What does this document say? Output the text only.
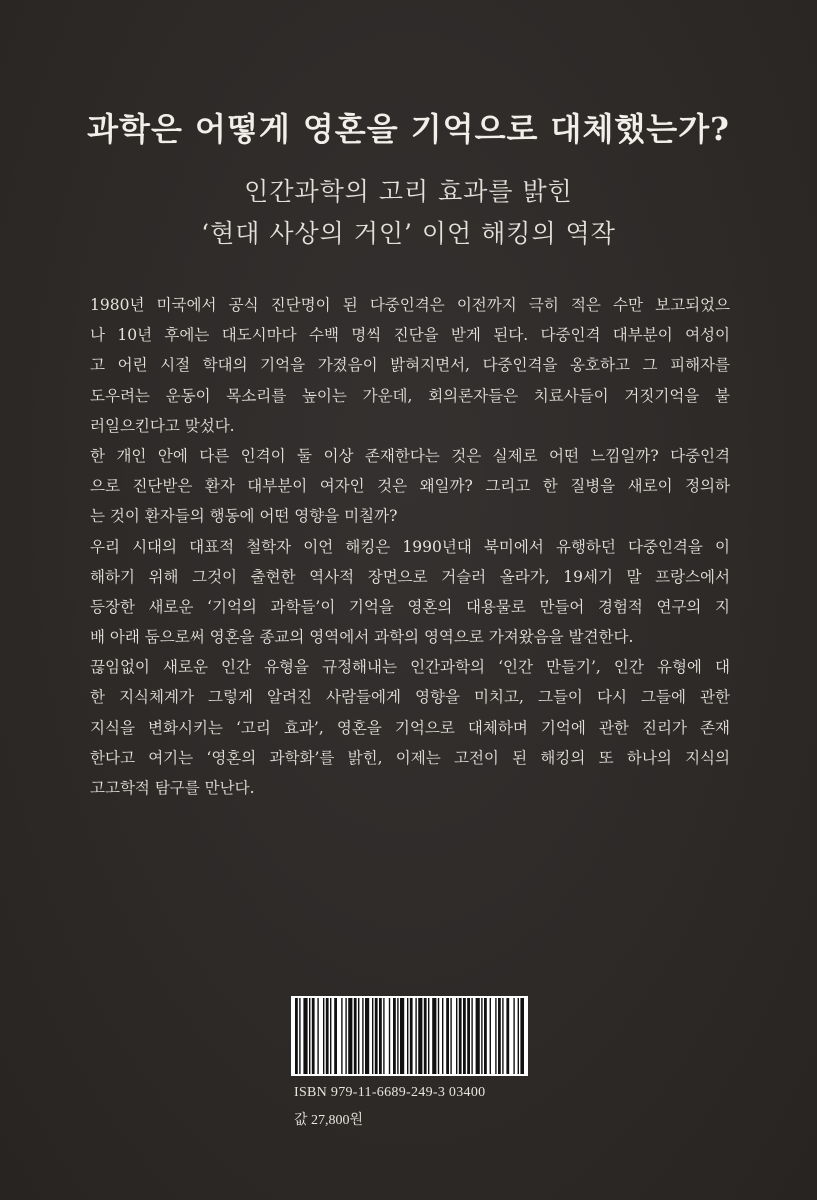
과학은 어떻게 영혼을 기억으로 대체했는가?
인간과학의 고리 효과를 밝힌
‘현대 사상의 거인’ 이언 해킹의 역작
1980년 미국에서 공식 진단명이 된 다중인격은 이전까지 극히 적은 수만 보고되었으
나 10년 후에는 대도시마다 수백 명씩 진단을 받게 된다. 다중인격 대부분이 여성이
고 어린 시절 학대의 기억을 가졌음이 밝혀지면서, 다중인격을 옹호하고 그 피해자를
도우려는 운동이 목소리를 높이는 가운데, 회의론자들은 치료사들이 거짓기억을 불
러일으킨다고 맞섰다.
한 개인 안에 다른 인격이 둘 이상 존재한다는 것은 실제로 어떤 느낌일까? 다중인격
으로 진단받은 환자 대부분이 여자인 것은 왜일까? 그리고 한 질병을 새로이 정의하
는 것이 환자들의 행동에 어떤 영향을 미칠까?
우리 시대의 대표적 철학자 이언 해킹은 1990년대 북미에서 유행하던 다중인격을 이
해하기 위해 그것이 출현한 역사적 장면으로 거슬러 올라가, 19세기 말 프랑스에서
등장한 새로운 ‘기억의 과학들’이 기억을 영혼의 대용물로 만들어 경험적 연구의 지
배 아래 둠으로써 영혼을 종교의 영역에서 과학의 영역으로 가져왔음을 발견한다.
끊임없이 새로운 인간 유형을 규정해내는 인간과학의 ‘인간 만들기’, 인간 유형에 대
한 지식체계가 그렇게 알려진 사람들에게 영향을 미치고, 그들이 다시 그들에 관한
지식을 변화시키는 ‘고리 효과’, 영혼을 기억으로 대체하며 기억에 관한 진리가 존재
한다고 여기는 ‘영혼의 과학화’를 밝힌, 이제는 고전이 된 해킹의 또 하나의 지식의
고고학적 탐구를 만난다.
ISBN 979-11-6689-249-3 03400
값 27,800원
